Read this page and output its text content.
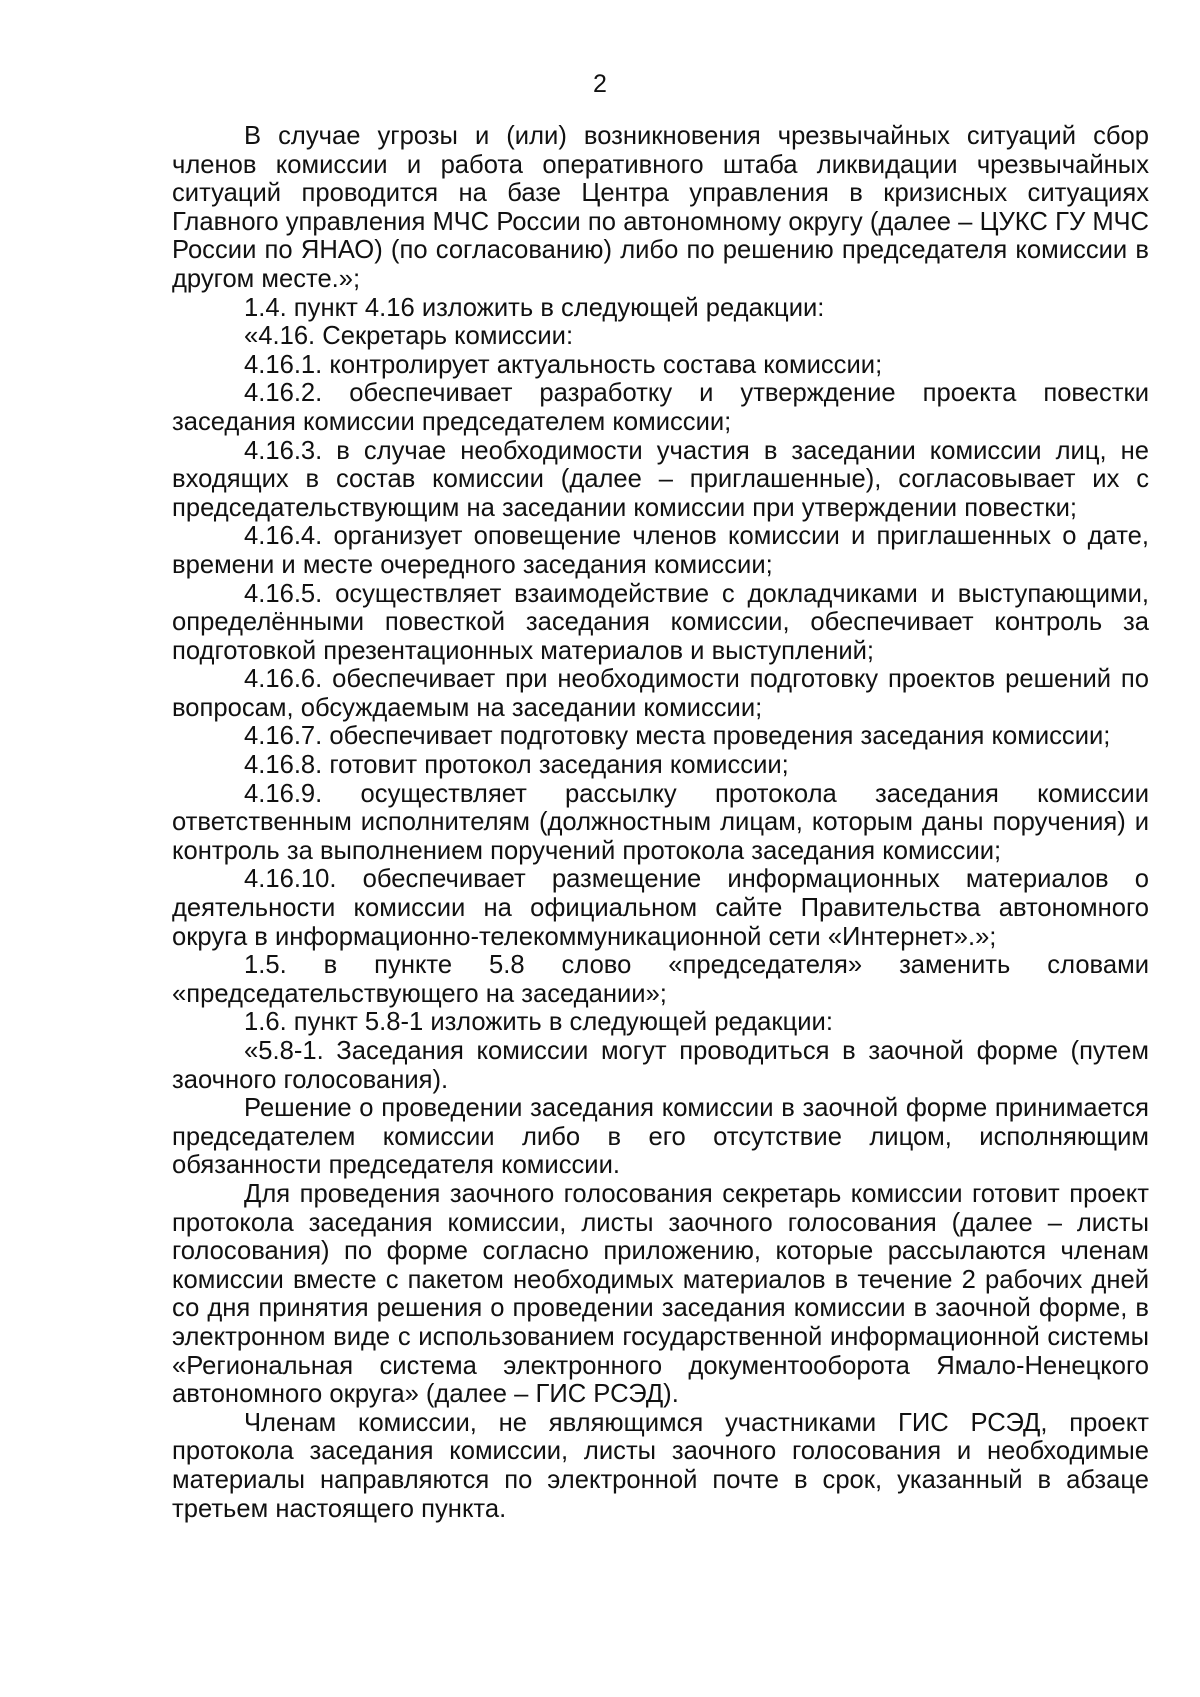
2

В случае угрозы и (или) возникновения чрезвычайных ситуаций сбор членов комиссии и работа оперативного штаба ликвидации чрезвычайных ситуаций проводится на базе Центра управления в кризисных ситуациях Главного управления МЧС России по автономному округу (далее – ЦУКС ГУ МЧС России по ЯНАО) (по согласованию) либо по решению председателя комиссии в другом месте.»;

1.4. пункт 4.16 изложить в следующей редакции:

«4.16. Секретарь комиссии:

4.16.1. контролирует актуальность состава комиссии;

4.16.2. обеспечивает разработку и утверждение проекта повестки заседания комиссии председателем комиссии;

4.16.3. в случае необходимости участия в заседании комиссии лиц, не входящих в состав комиссии (далее – приглашенные), согласовывает их с председательствующим на заседании комиссии при утверждении повестки;

4.16.4. организует оповещение членов комиссии и приглашенных о дате, времени и месте очередного заседания комиссии;

4.16.5. осуществляет взаимодействие с докладчиками и выступающими, определёнными повесткой заседания комиссии, обеспечивает контроль за подготовкой презентационных материалов и выступлений;

4.16.6. обеспечивает при необходимости подготовку проектов решений по вопросам, обсуждаемым на заседании комиссии;

4.16.7. обеспечивает подготовку места проведения заседания комиссии;

4.16.8. готовит протокол заседания комиссии;

4.16.9. осуществляет рассылку протокола заседания комиссии ответственным исполнителям (должностным лицам, которым даны поручения) и контроль за выполнением поручений протокола заседания комиссии;

4.16.10. обеспечивает размещение информационных материалов о деятельности комиссии на официальном сайте Правительства автономного округа в информационно-телекоммуникационной сети «Интернет».»;

1.5. в пункте 5.8 слово «председателя» заменить словами «председательствующего на заседании»;

1.6. пункт 5.8-1 изложить в следующей редакции:

«5.8-1. Заседания комиссии могут проводиться в заочной форме (путем заочного голосования).

Решение о проведении заседания комиссии в заочной форме принимается председателем комиссии либо в его отсутствие лицом, исполняющим обязанности председателя комиссии.

Для проведения заочного голосования секретарь комиссии готовит проект протокола заседания комиссии, листы заочного голосования (далее – листы голосования) по форме согласно приложению, которые рассылаются членам комиссии вместе с пакетом необходимых материалов в течение 2 рабочих дней со дня принятия решения о проведении заседания комиссии в заочной форме, в электронном виде с использованием государственной информационной системы «Региональная система электронного документооборота Ямало-Ненецкого автономного округа» (далее – ГИС РСЭД).

Членам комиссии, не являющимся участниками ГИС РСЭД, проект протокола заседания комиссии, листы заочного голосования и необходимые материалы направляются по электронной почте в срок, указанный в абзаце третьем настоящего пункта.
